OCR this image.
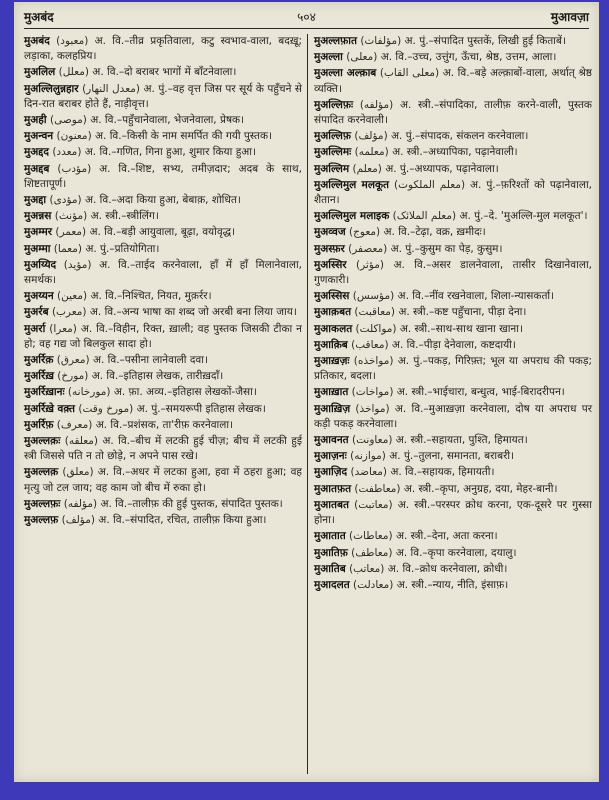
मुअबंद	५०४	मुआवज़ा
मुअबंद (معبود) अ. वि.–तीव्र प्रकृतिवाला, कटु स्वभाव-वाला, बदख़ू; लड़ाका, कलहप्रिय।
मुअलिल (معلل) अ. वि.–दो बराबर भागों में बाँटनेवाला।
मुअल्लिलुन्नहार (معدل النهار) अ. पुं.–वह वृत्त जिस पर सूर्य के पहुँचने से दिन-रात बराबर होते हैं, नाड़ीवृत्त।
मुअही (موصی) अ. वि.–पहुँचानेवाला, भेजनेवाला, प्रेषक।
मुअन्वन (معنون) अ. वि.–किसी के नाम समर्पित की गयी पुस्तक।
मुअद्दद (معدد) अ. वि.–गणित, गिना हुआ, शुमार किया हुआ।
मुअद्दब (مؤدب) अ. वि.–शिष्ट, सभ्य, तमीज़दार; अदब के साथ, शिष्टतापूर्ण।
मुअद्दा (مؤدی) अ. वि.–अदा किया हुआ, बेबाक़, शोधित।
मुअन्नस (مؤنث) अ. स्त्री.–स्त्रीलिंग।
मुअम्मर (معمر) अ. वि.–बड़ी आयुवाला, बूढ़ा, वयोवृद्ध।
मुअम्मा (معما) अ. पुं.–प्रतियोगिता।
मुअय्यिद (مؤيد) अ. वि.–ताईद करनेवाला, हाँ में हाँ मिलानेवाला, समर्थक।
मुअय्यन (معين) अ. वि.–निश्चित, नियत, मुक़र्रर।
मुअर्रब (معرب) अ. वि.–अन्य भाषा का शब्द जो अरबी बना लिया जाय।
मुअर्रा (معرا) अ. वि.–विहीन, रिक्त, ख़ाली; वह पुस्तक जिसकी टीका न हो; वह गद्य जो बिलकुल सादा हो।
मुअर्रिक़ (معرق) अ. वि.–पसीना लानेवाली दवा।
मुअर्रिख़ (مورخ) अ. वि.–इतिहास लेखक, तारीख़दाँ।
मुअर्रिख़ानः (مورخانه) अ. फ़ा. अव्य.–इतिहास लेखकों-जैसा।
मुअर्रिख़े वक़्त (مورخ وقت) अ. पुं.–समयरूपी इतिहास लेखक।
मुअर्रिफ़ (معرف) अ. वि.–प्रशंसक, ता'रीफ़ करनेवाला।
मुअल्लक़ः (معلقه) अ. वि.–बीच में लटकी हुई चीज़; बीच में लटकी हुई स्त्री जिससे पति न तो छोड़े, न अपने पास रखे।
मुअल्लक़ (معلق) अ. वि.–अधर में लटका हुआ, हवा में ठहरा हुआ; वह मृत्यु जो टल जाय; वह काम जो बीच में रुका हो।
मुअल्लफ़ः (مؤلفه) अ. वि.–तालीफ़ की हुई पुस्तक, संपादित पुस्तक।
मुअल्लफ़ (مؤلف) अ. वि.–संपादित, रचित, तालीफ़ किया हुआ।
मुअल्लफ़ात (مؤلفات) अ. पुं.–संपादित पुस्तकें, लिखी हुई किताबें।
मुअल्ला (معلی) अ. वि.–उच्च, उत्तुंग, ऊँचा, श्रेष्ठ, उत्तम, आला।
मुअल्ला अल्क़ाब (معلی القاب) अ. वि.–बड़े अल्क़ाबों-वाला, अर्थात् श्रेष्ठ व्यक्ति।
मुअल्लिफ़ः (مؤلفه) अ. स्त्री.–संपादिका, तालीफ़ करने-वाली, पुस्तक संपादित करनेवाली।
मुअल्लिफ़ (مؤلف) अ. पुं.–संपादक, संकलन करनेवाला।
मुअल्लिमः (معلمه) अ. स्त्री.–अध्यापिका, पढ़ानेवाली।
मुअल्लिम (معلم) अ. पुं.–अध्यापक, पढ़ानेवाला।
मुअल्लिमुल मलकूत (معلم الملكوت) अ. पुं.–फ़रिश्तों को पढ़ानेवाला, शैतान।
मुअल्लिमुल मलाइक (معلم الملائک) अ. पुं.–दे. 'मुअल्लि-मुल मलकूत'।
मुअव्वज (معوج) अ. वि.–टेढ़ा, वक्र, ख़मीदः।
मुअस्फ़र (معصفر) अ. पुं.–कुसुम का पेड़, कुसुम।
मुअस्सिर (مؤثر) अ. वि.–असर डालनेवाला, तासीर दिखानेवाला, गुणकारी।
मुअस्सिस (مؤسس) अ. वि.–नींव रखनेवाला, शिला-न्यासकर्ता।
मुआक़बत (معاقبت) अ. स्त्री.–कष्ट पहुँचाना, पीड़ा देना।
मुआकलत (مواکلت) अ. स्त्री.–साथ-साथ खाना खाना।
मुआक़िब (معاقب) अ. वि.–पीड़ा देनेवाला, कष्टदायी।
मुआख़ज़ः (مواخذه) अ. पुं.–पकड़, गिरिफ़्त; भूल या अपराध की पकड़; प्रतिकार, बदला।
मुआख़ात (مواخات) अ. स्त्री.–भाईचारा, बन्धुत्व, भाई-बिरादरीपन।
मुआख़िज़ (مواخذ) अ. वि.–मुआख़ज़ा करनेवाला, दोष या अपराध पर कड़ी पकड़ करनेवाला।
मुआवनत (معاونت) अ. स्त्री.–सहायता, पुश्ति, हिमायत।
मुआज़नः (موازنه) अ. पुं.–तुलना, समानता, बराबरी।
मुआज़िद (معاضد) अ. वि.–सहायक, हिमायती।
मुआतफ़त (معاطفت) अ. स्त्री.–कृपा, अनुग्रह, दया, मेहर-बानी।
मुआतबत (معاتبت) अ. स्त्री.–परस्पर क्रोध करना, एक-दूसरे पर गुस्सा होना।
मुआतात (معاطات) अ. स्त्री.–देना, अता करना।
मुआतिफ़ (معاطف) अ. वि.–कृपा करनेवाला, दयालु।
मुआतिब (معاتب) अ. वि.–क्रोध करनेवाला, क्रोधी।
मुआदलत (معادلت) अ. स्त्री.–न्याय, नीति, इंसाफ़।
